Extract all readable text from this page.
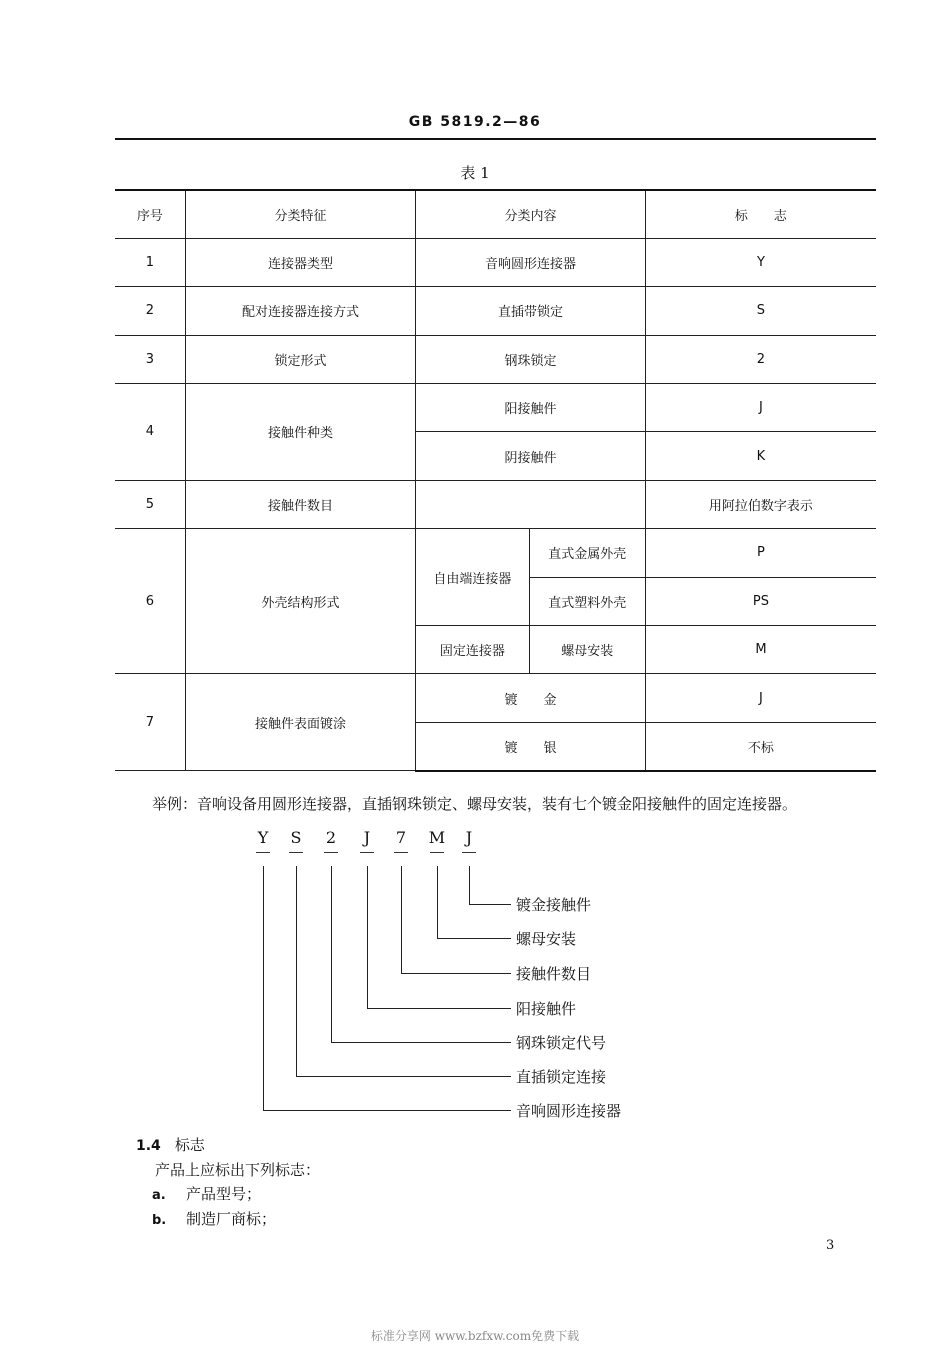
GB 5819.2—86
表 1
序号	分类特征	分类内容		标　　志
1	连接器类型	音响圆形连接器		Y
2	配对连接器连接方式	直插带锁定		S
3	锁定形式	钢珠锁定		2
4	接触件种类	阳接触件		J
		阴接触件		K
5	接触件数目			用阿拉伯数字表示
6	外壳结构形式	自由端连接器	直式金属外壳	P
			直式塑料外壳	PS
		固定连接器	螺母安装	M
7	接触件表面镀涂	镀　　金		J
		镀　　银		不标
举例：音响设备用圆形连接器，直插钢珠锁定、螺母安装，装有七个镀金阳接触件的固定连接器。
Y S	2	J	7	M	J
镀金接触件
螺母安装
接触件数目
阳接触件
钢珠锁定代号
直插锁定连接
音响圆形连接器
1.4 标志
产品上应标出下列标志：
a. 产品型号；
b. 制造厂商标；
3
标准分享网 www.bzfxw.com免费下载
